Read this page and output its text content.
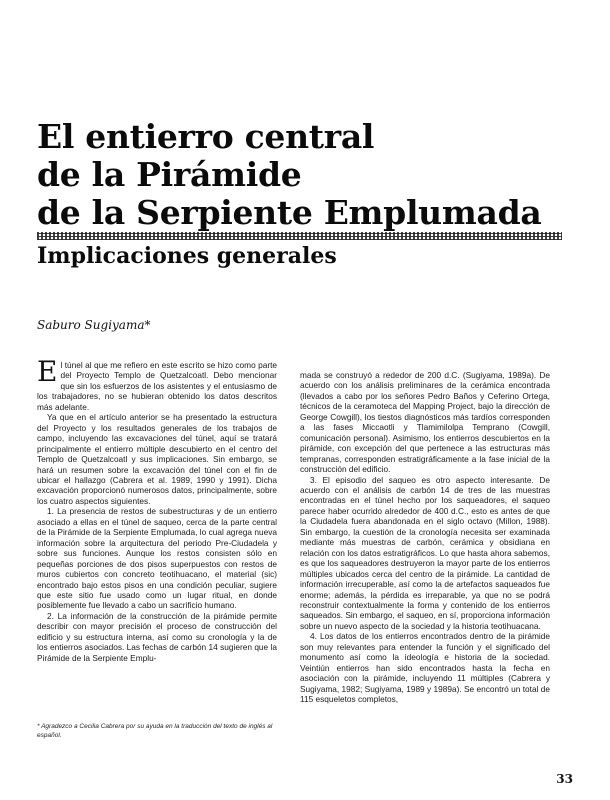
El entierro central
de la Pirámide
de la Serpiente Emplumada
Implicaciones generales
Saburo Sugiyama*

El túnel al que me refiero en este escrito se hizo como parte del Proyecto Templo de Quetzalcoatl. Debo mencionar que sin los esfuerzos de los asistentes y el entusiasmo de los trabajadores, no se hubieran obtenido los datos descritos más adelante.

Ya que en el artículo anterior se ha presentado la estructura del Proyecto y los resultados generales de los trabajos de campo, incluyendo las excavaciones del túnel, aquí se tratará principalmente el entierro múltiple descubierto en el centro del Templo de Quetzalcoatl y sus implicaciones. Sin embargo, se hará un resumen sobre la excavación del túnel con el fin de ubicar el hallazgo (Cabrera et al. 1989, 1990 y 1991). Dicha excavación proporcionó numerosos datos, principalmente, sobre los cuatro aspectos siguientes.

1. La presencia de restos de subestructuras y de un entierro asociado a ellas en el túnel de saqueo, cerca de la parte central de la Pirámide de la Serpiente Emplumada, lo cual agrega nueva información sobre la arquitectura del periodo Pre-Ciudadela y sobre sus funciones. Aunque los restos consisten sólo en pequeñas porciones de dos pisos superpuestos con restos de muros cubiertos con concreto teotihuacano, el material (sic) encontrado bajo estos pisos en una condición peculiar, sugiere que este sitio fue usado como un lugar ritual, en donde posiblemente fue llevado a cabo un sacrificio humano.

2. La información de la construcción de la pirámide permite describir con mayor precisión el proceso de construcción del edificio y su estructura interna, así como su cronología y la de los entierros asociados. Las fechas de carbón 14 sugieren que la Pirámide de la Serpiente Emplu-

mada se construyó a rededor de 200 d.C. (Sugiyama, 1989a). De acuerdo con los análisis preliminares de la cerámica encontrada (llevados a cabo por los señores Pedro Baños y Ceferino Ortega, técnicos de la ceramoteca del Mapping Project, bajo la dirección de George Cowgill), los tiestos diagnósticos más tardíos corresponden a las fases Miccaotli y Tlamimilolpa Temprano (Cowgill, comunicación personal). Asimismo, los entierros descubiertos en la pirámide, con excepción del que pertenece a las estructuras más tempranas, corresponden estratigráficamente a la fase inicial de la construcción del edificio.

3. El episodio del saqueo es otro aspecto interesante. De acuerdo con el análisis de carbón 14 de tres de las muestras encontradas en el túnel hecho por los saqueadores, el saqueo parece haber ocurrido alrededor de 400 d.C., esto es antes de que la Ciudadela fuera abandonada en el siglo octavo (Millon, 1988). Sin embargo, la cuestión de la cronología necesita ser examinada mediante más muestras de carbón, cerámica y obsidiana en relación con los datos estratigráficos. Lo que hasta ahora sabemos, es que los saqueadores destruyeron la mayor parte de los entierros múltiples ubicados cerca del centro de la pirámide. La cantidad de información irrecuperable, así como la de artefactos saqueados fue enorme; además, la pérdida es irreparable, ya que no se podrá reconstruir contextualmente la forma y contenido de los entierros saqueados. Sin embargo, el saqueo, en sí, proporciona información sobre un nuevo aspecto de la sociedad y la historia teotihuacana.

4. Los datos de los entierros encontrados dentro de la pirámide son muy relevantes para entender la función y el significado del monumento así como la ideología e historia de la sociedad. Veintiún entierros han sido encontrados hasta la fecha en asociación con la pirámide, incluyendo 11 múltiples (Cabrera y Sugiyama, 1982; Sugiyama, 1989 y 1989a). Se encontró un total de 115 esqueletos completos,

* Agradezco a Cecilia Cabrera por su ayuda en la traducción del texto de inglés al español.
33
